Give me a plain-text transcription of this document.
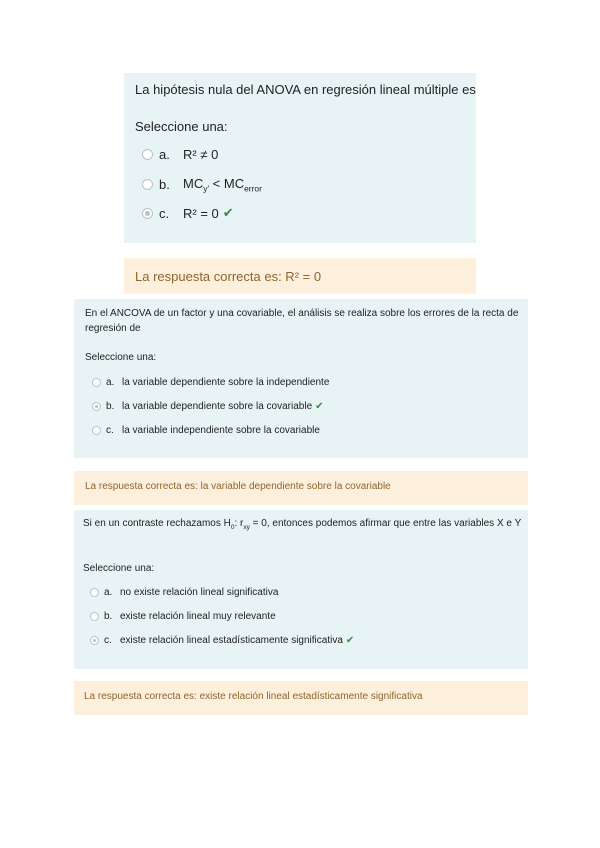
La hipótesis nula del ANOVA en regresión lineal múltiple es
Seleccione una:
a.	R² ≠ 0
b.	$MC_{y'} < MC_{error}$
c.	R² = 0 ✔
La respuesta correcta es: R² = 0
En el ANCOVA de un factor y una covariable, el análisis se realiza sobre los errores de la recta de regresión de
Seleccione una:
a. la variable dependiente sobre la independiente
b. la variable dependiente sobre la covariable ✔
c. la variable independiente sobre la covariable
La respuesta correcta es: la variable dependiente sobre la covariable
Si en un contraste rechazamos $H_0$: $r_{xy} = 0$, entonces podemos afirmar que entre las variables X e Y
Seleccione una:
a. no existe relación lineal significativa
b. existe relación lineal muy relevante
c. existe relación lineal estadísticamente significativa ✔
La respuesta correcta es: existe relación lineal estadísticamente significativa
